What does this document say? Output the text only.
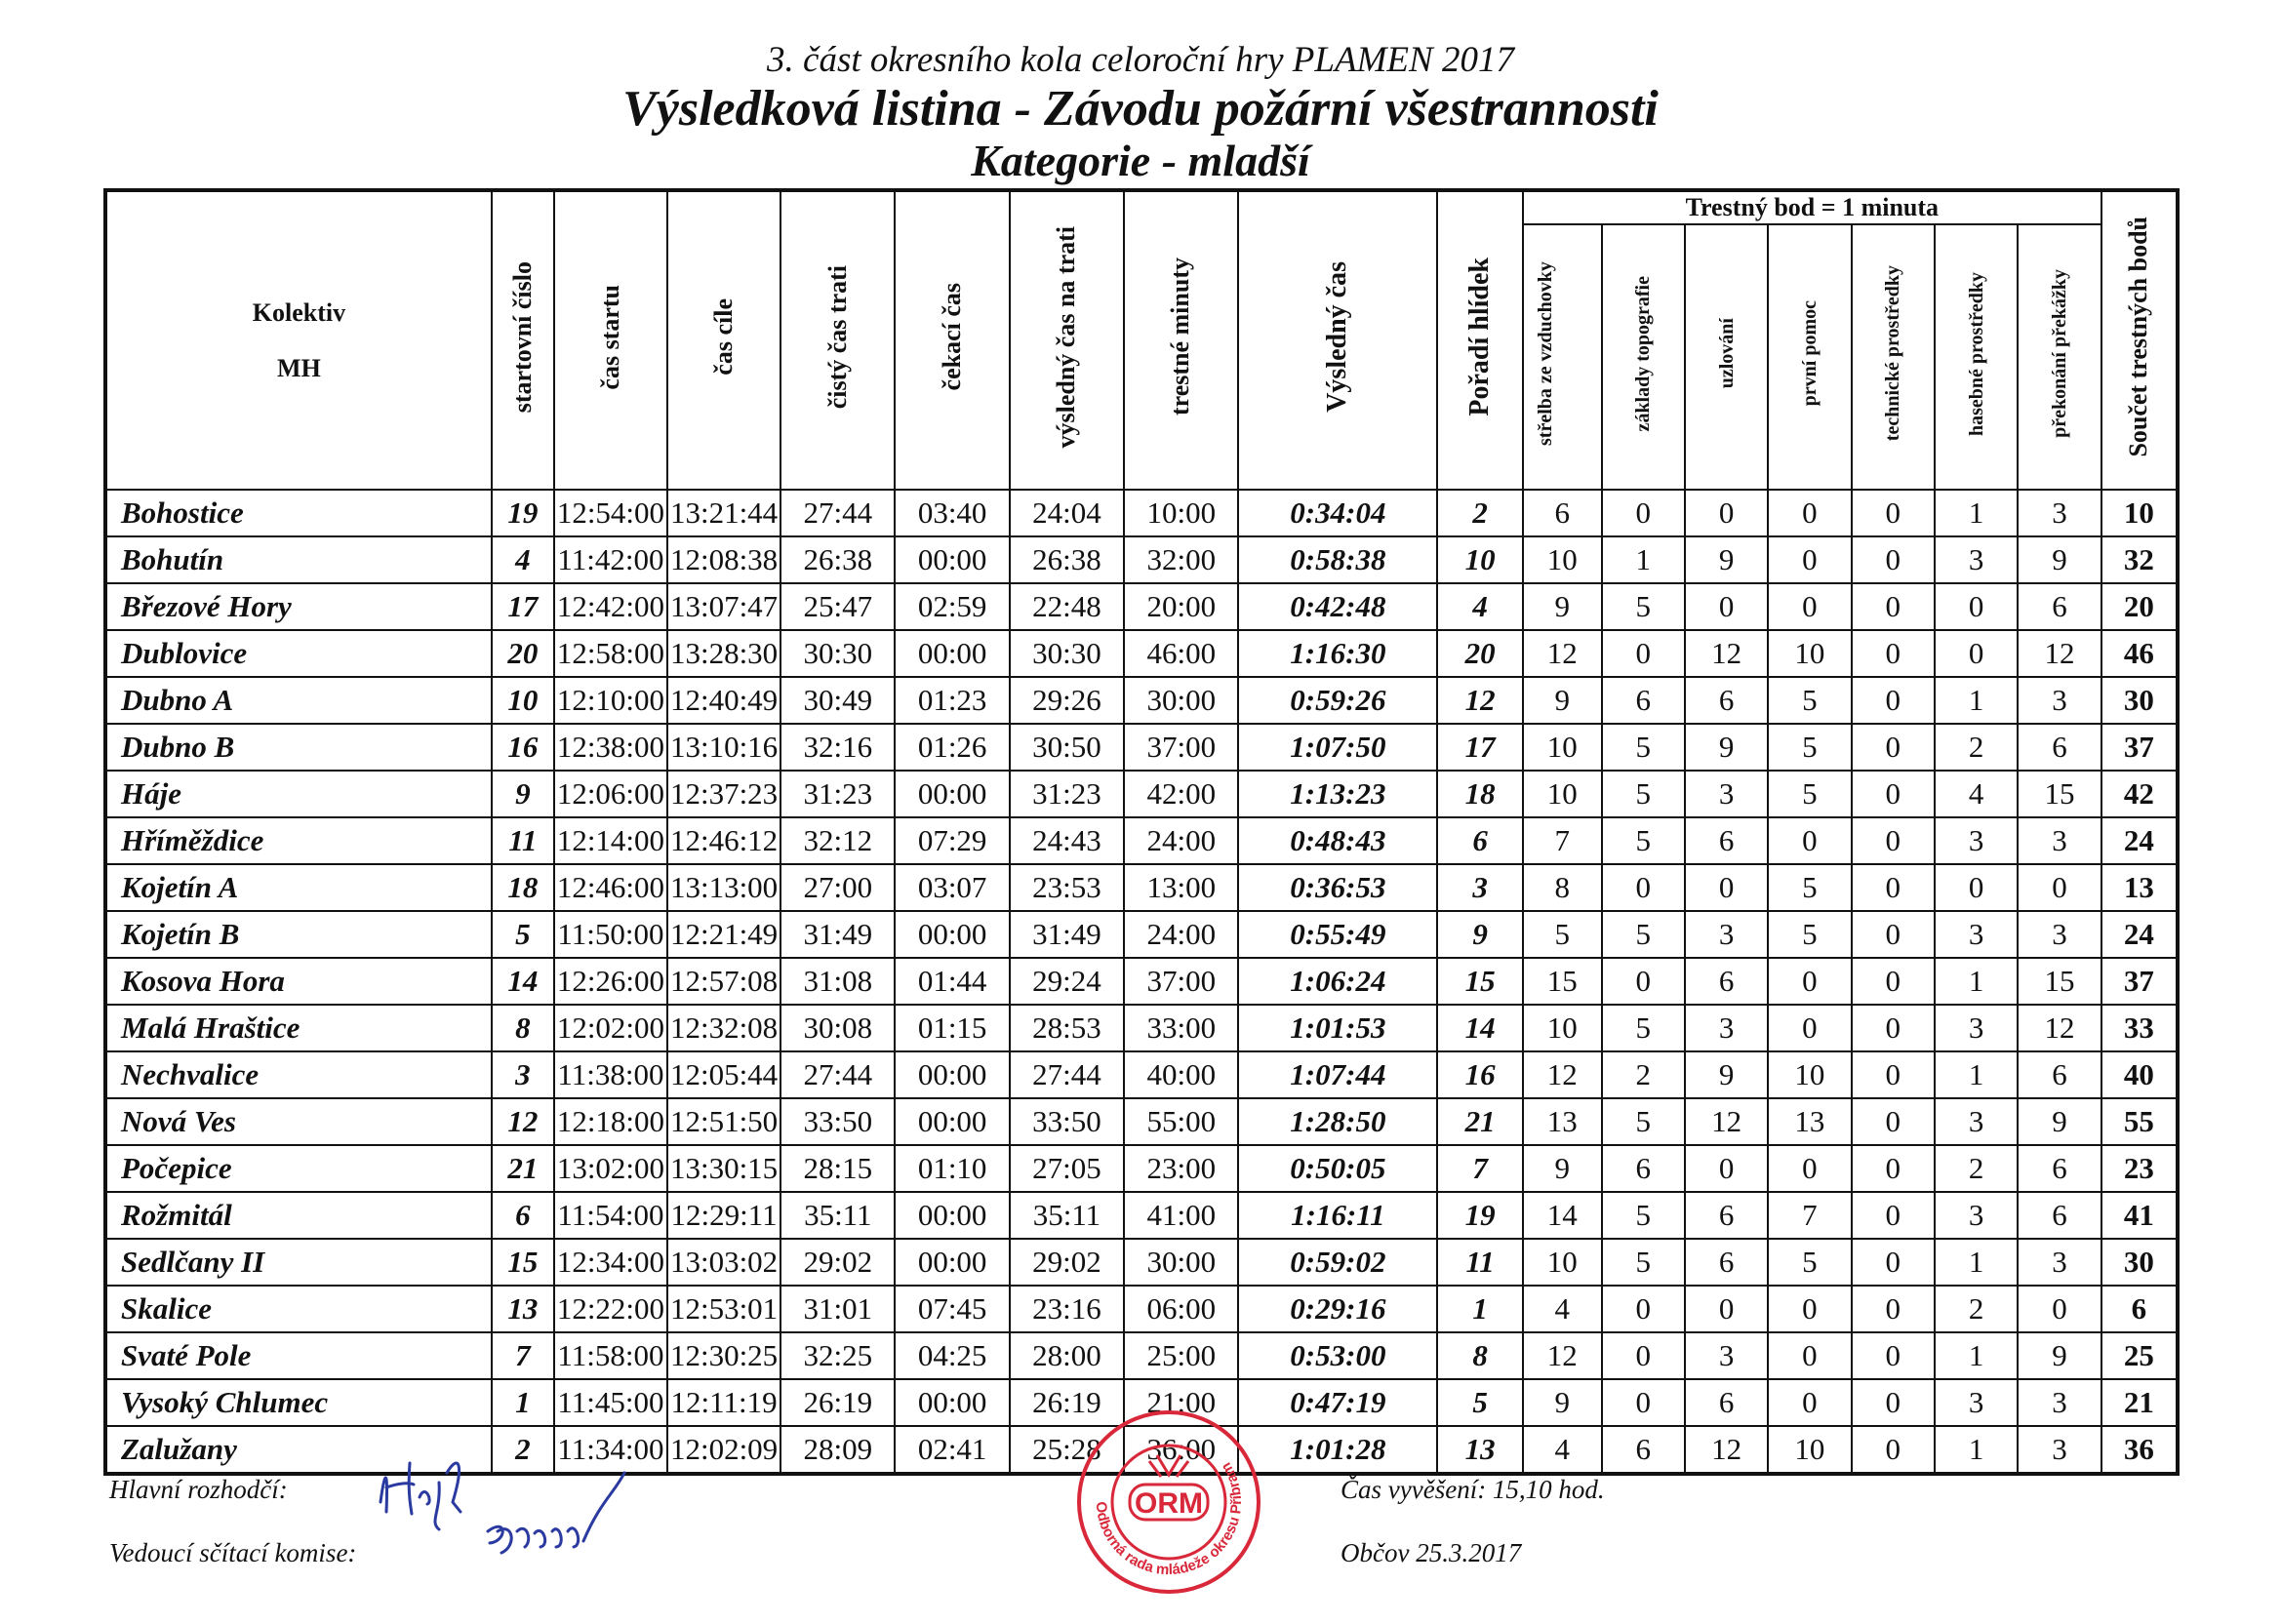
3. část okresního kola celoroční hry PLAMEN 2017
Výsledková listina - Závodu požární všestrannosti
Kategorie - mladší
Kolektiv
MH	startovní číslo	čas startu	čas cíle	čistý čas trati	čekací čas	výsledný čas na trati	trestné minuty	Výsledný čas	Pořadí hlídek	Trestný bod = 1 minuta							Součet trestných bodů
										střelba ze vzduchovky	základy topografie	uzlování	první pomoc	technické prostředky	hasebné prostředky	překonání překážky	
Bohostice	19	12:54:00	13:21:44	27:44	03:40	24:04	10:00	0:34:04	2	6	0	0	0	0	1	3	10
Bohutín	4	11:42:00	12:08:38	26:38	00:00	26:38	32:00	0:58:38	10	10	1	9	0	0	3	9	32
Březové Hory	17	12:42:00	13:07:47	25:47	02:59	22:48	20:00	0:42:48	4	9	5	0	0	0	0	6	20
Dublovice	20	12:58:00	13:28:30	30:30	00:00	30:30	46:00	1:16:30	20	12	0	12	10	0	0	12	46
Dubno A	10	12:10:00	12:40:49	30:49	01:23	29:26	30:00	0:59:26	12	9	6	6	5	0	1	3	30
Dubno B	16	12:38:00	13:10:16	32:16	01:26	30:50	37:00	1:07:50	17	10	5	9	5	0	2	6	37
Háje	9	12:06:00	12:37:23	31:23	00:00	31:23	42:00	1:13:23	18	10	5	3	5	0	4	15	42
Hříměždice	11	12:14:00	12:46:12	32:12	07:29	24:43	24:00	0:48:43	6	7	5	6	0	0	3	3	24
Kojetín A	18	12:46:00	13:13:00	27:00	03:07	23:53	13:00	0:36:53	3	8	0	0	5	0	0	0	13
Kojetín B	5	11:50:00	12:21:49	31:49	00:00	31:49	24:00	0:55:49	9	5	5	3	5	0	3	3	24
Kosova Hora	14	12:26:00	12:57:08	31:08	01:44	29:24	37:00	1:06:24	15	15	0	6	0	0	1	15	37
Malá Hraštice	8	12:02:00	12:32:08	30:08	01:15	28:53	33:00	1:01:53	14	10	5	3	0	0	3	12	33
Nechvalice	3	11:38:00	12:05:44	27:44	00:00	27:44	40:00	1:07:44	16	12	2	9	10	0	1	6	40
Nová Ves	12	12:18:00	12:51:50	33:50	00:00	33:50	55:00	1:28:50	21	13	5	12	13	0	3	9	55
Počepice	21	13:02:00	13:30:15	28:15	01:10	27:05	23:00	0:50:05	7	9	6	0	0	0	2	6	23
Rožmitál	6	11:54:00	12:29:11	35:11	00:00	35:11	41:00	1:16:11	19	14	5	6	7	0	3	6	41
Sedlčany II	15	12:34:00	13:03:02	29:02	00:00	29:02	30:00	0:59:02	11	10	5	6	5	0	1	3	30
Skalice	13	12:22:00	12:53:01	31:01	07:45	23:16	06:00	0:29:16	1	4	0	0	0	0	2	0	6
Svaté Pole	7	11:58:00	12:30:25	32:25	04:25	28:00	25:00	0:53:00	8	12	0	3	0	0	1	9	25
Vysoký Chlumec	1	11:45:00	12:11:19	26:19	00:00	26:19	21:00	0:47:19	5	9	0	6	0	0	3	3	21
Zalužany	2	11:34:00	12:02:09	28:09	02:41	25:28	36:00	1:01:28	13	4	6	12	10	0	1	3	36
Hlavní rozhodčí:
Vedoucí sčítací komise:
Čas vyvěšení: 15,10 hod.
Občov 25.3.2017
Odborná rada mládeže okresu Příbram
ORM
